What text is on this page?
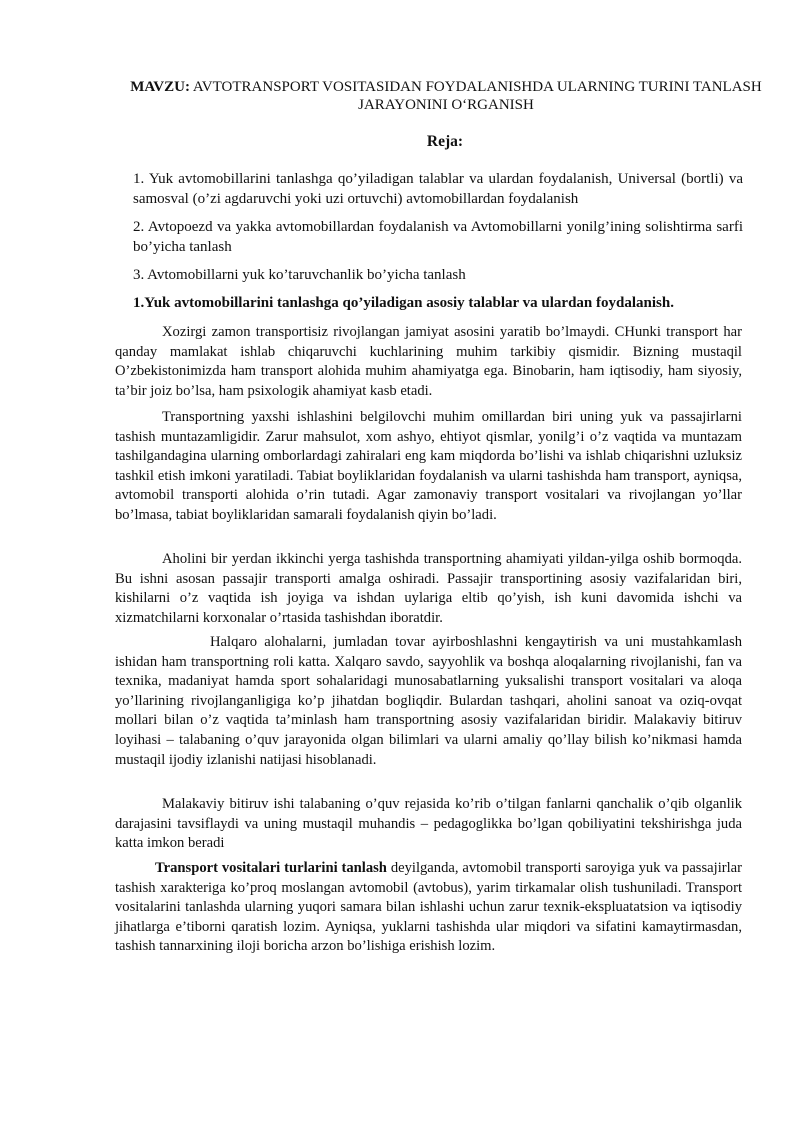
MAVZU: AVTOTRANSPORT VOSITASIDAN FOYDALANISHDA ULARNING TURINI TANLASH JARAYONINI O‘RGANISH
Reja:
1. Yuk avtomobillarini tanlashga qo’yiladigan talablar va ulardan foydalanish, Universal (bortli) va samosval (o’zi agdaruvchi yoki uzi ortuvchi) avtomobillardan foydalanish
2. Avtopoezd va yakka avtomobillardan foydalanish va Avtomobillarni yonilg’ining solishtirma sarfi bo’yicha tanlash
3. Avtomobillarni yuk ko’taruvchanlik bo’yicha tanlash
1.Yuk avtomobillarini tanlashga qo’yiladigan asosiy talablar va ulardan foydalanish.
Xozirgi zamon transportisiz rivojlangan jamiyat asosini yaratib bo’lmaydi. CHunki transport har qanday mamlakat ishlab chiqaruvchi kuchlarining muhim tarkibiy qismidir. Bizning mustaqil O’zbekistonimizda ham transport alohida muhim ahamiyatga ega. Binobarin, ham iqtisodiy, ham siyosiy, ta’bir joiz bo’lsa, ham psixologik ahamiyat kasb etadi.
Transportning yaxshi ishlashini belgilovchi muhim omillardan biri uning yuk va passajirlarni tashish muntazamligidir. Zarur mahsulot, xom ashyo, ehtiyot qismlar, yonilg’i o’z vaqtida va muntazam tashilgandagina ularning omborlardagi zahiralari eng kam miqdorda bo’lishi va ishlab chiqarishni uzluksiz tashkil etish imkoni yaratiladi. Tabiat boyliklaridan foydalanish va ularni tashishda ham transport, ayniqsa, avtomobil transporti alohida o’rin tutadi. Agar zamonaviy transport vositalari va rivojlangan yo’llar bo’lmasa, tabiat boyliklaridan samarali foydalanish qiyin bo’ladi.
Aholini bir yerdan ikkinchi yerga tashishda transportning ahamiyati yildan-yilga oshib bormoqda. Bu ishni asosan passajir transporti amalga oshiradi. Passajir transportining asosiy vazifalaridan biri, kishilarni o’z vaqtida ish joyiga va ishdan uylariga eltib qo’yish, ish kuni davomida ishchi va xizmatchilarni korxonalar o’rtasida tashishdan iboratdir.
Halqaro alohalarni, jumladan tovar ayirboshlashni kengaytirish va uni mustahkamlash ishidan ham transportning roli katta. Xalqaro savdo, sayyohlik va boshqa aloqalarning rivojlanishi, fan va texnika, madaniyat hamda sport sohalaridagi munosabatlarning yuksalishi transport vositalari va aloqa yo’llarining rivojlanganligiga ko’p jihatdan bogliqdir. Bulardan tashqari, aholini sanoat va oziq-ovqat mollari bilan o’z vaqtida ta’minlash ham transportning asosiy vazifalaridan biridir. Malakaviy bitiruv loyihasi – talabaning o’quv jarayonida olgan bilimlari va ularni amaliy qo’llay bilish ko’nikmasi hamda mustaqil ijodiy izlanishi natijasi hisoblanadi.
Malakaviy bitiruv ishi talabaning o’quv rejasida ko’rib o’tilgan fanlarni qanchalik o’qib olganlik darajasini tavsiflaydi va uning mustaqil muhandis – pedagoglikka bo’lgan qobiliyatini tekshirishga juda katta imkon beradi
Transport vositalari turlarini tanlash deyilganda, avtomobil transporti saroyiga yuk va passajirlar tashish xarakteriga ko’proq moslangan avtomobil (avtobus), yarim tirkamalar olish tushuniladi. Transport vositalarini tanlashda ularning yuqori samara bilan ishlashi uchun zarur texnik-ekspluatatsion va iqtisodiy jihatlarga e’tiborni qaratish lozim. Ayniqsa, yuklarni tashishda ular miqdori va sifatini kamaytirmasdan, tashish tannarxining iloji boricha arzon bo’lishiga erishish lozim.
